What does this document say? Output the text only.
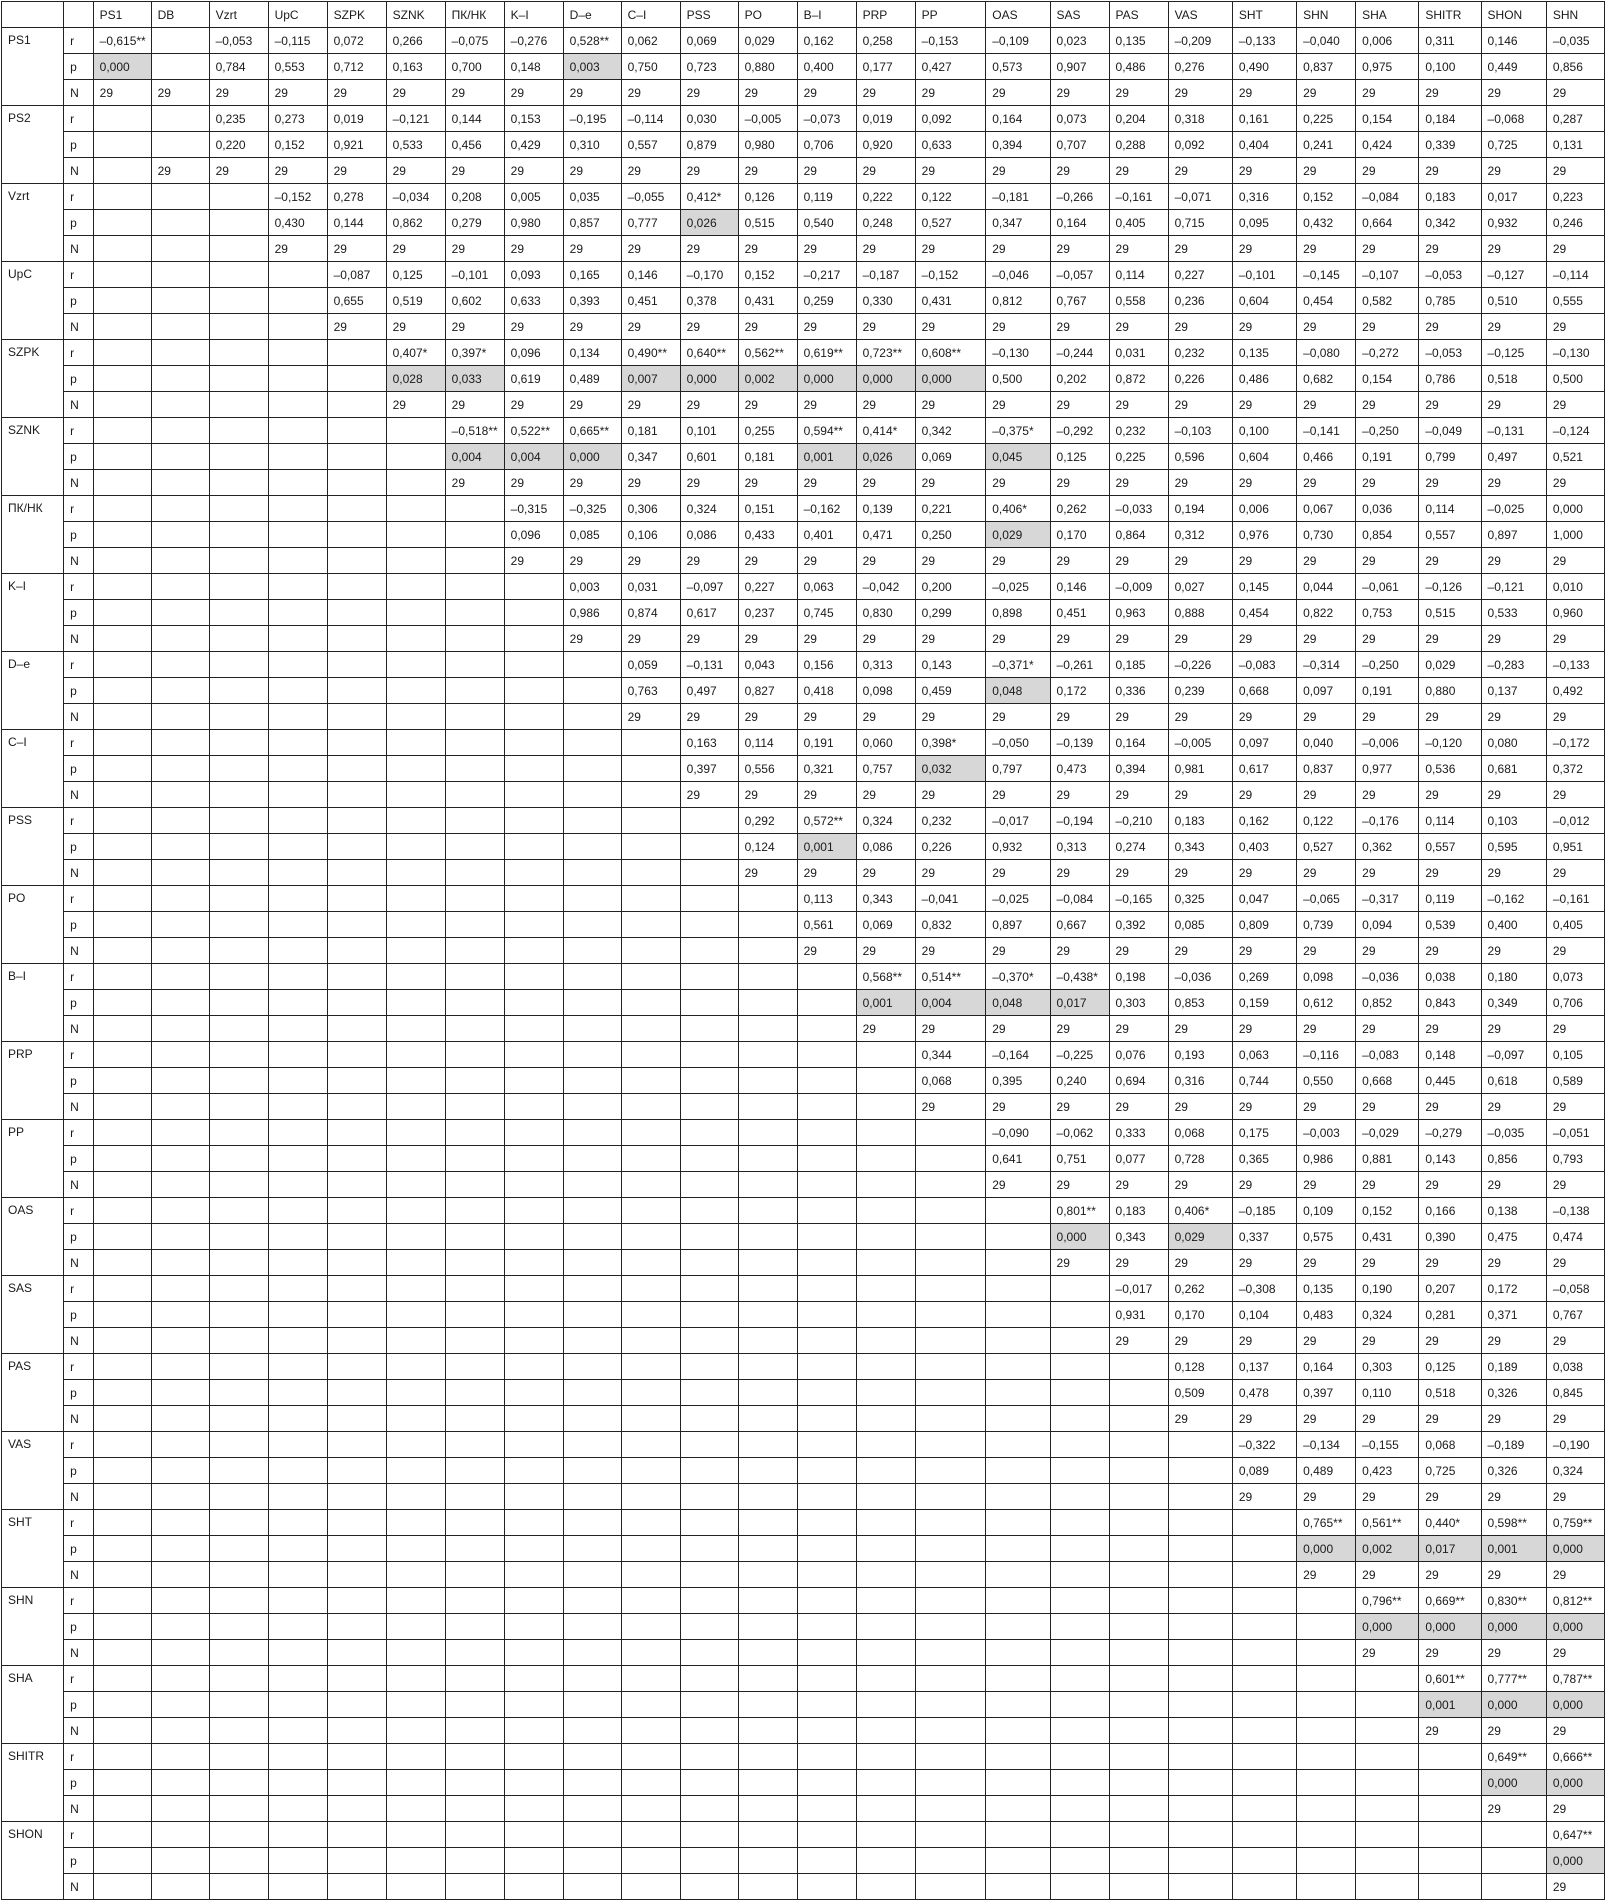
		PS1	DB	Vzrt	UpC	SZPK	SZNK	ПК/НК	K–I	D–e	C–I	PSS	PO	B–I	PRP	PP	OAS	SAS	PAS	VAS	SHT	SHN	SHA	SHITR	SHON	SHN
PS1	r	–0,615**		–0,053	–0,115	0,072	0,266	–0,075	–0,276	0,528**	0,062	0,069	0,029	0,162	0,258	–0,153	–0,109	0,023	0,135	–0,209	–0,133	–0,040	0,006	0,311	0,146	–0,035
	p	0,000		0,784	0,553	0,712	0,163	0,700	0,148	0,003	0,750	0,723	0,880	0,400	0,177	0,427	0,573	0,907	0,486	0,276	0,490	0,837	0,975	0,100	0,449	0,856
	N	29	29	29	29	29	29	29	29	29	29	29	29	29	29	29	29	29	29	29	29	29	29	29	29	29
PS2	r			0,235	0,273	0,019	–0,121	0,144	0,153	–0,195	–0,114	0,030	–0,005	–0,073	0,019	0,092	0,164	0,073	0,204	0,318	0,161	0,225	0,154	0,184	–0,068	0,287
	p			0,220	0,152	0,921	0,533	0,456	0,429	0,310	0,557	0,879	0,980	0,706	0,920	0,633	0,394	0,707	0,288	0,092	0,404	0,241	0,424	0,339	0,725	0,131
	N		29	29	29	29	29	29	29	29	29	29	29	29	29	29	29	29	29	29	29	29	29	29	29	29
Vzrt	r				–0,152	0,278	–0,034	0,208	0,005	0,035	–0,055	0,412*	0,126	0,119	0,222	0,122	–0,181	–0,266	–0,161	–0,071	0,316	0,152	–0,084	0,183	0,017	0,223
	p				0,430	0,144	0,862	0,279	0,980	0,857	0,777	0,026	0,515	0,540	0,248	0,527	0,347	0,164	0,405	0,715	0,095	0,432	0,664	0,342	0,932	0,246
	N				29	29	29	29	29	29	29	29	29	29	29	29	29	29	29	29	29	29	29	29	29	29
UpC	r					–0,087	0,125	–0,101	0,093	0,165	0,146	–0,170	0,152	–0,217	–0,187	–0,152	–0,046	–0,057	0,114	0,227	–0,101	–0,145	–0,107	–0,053	–0,127	–0,114
	p					0,655	0,519	0,602	0,633	0,393	0,451	0,378	0,431	0,259	0,330	0,431	0,812	0,767	0,558	0,236	0,604	0,454	0,582	0,785	0,510	0,555
	N					29	29	29	29	29	29	29	29	29	29	29	29	29	29	29	29	29	29	29	29	29
SZPK	r						0,407*	0,397*	0,096	0,134	0,490**	0,640**	0,562**	0,619**	0,723**	0,608**	–0,130	–0,244	0,031	0,232	0,135	–0,080	–0,272	–0,053	–0,125	–0,130
	p						0,028	0,033	0,619	0,489	0,007	0,000	0,002	0,000	0,000	0,000	0,500	0,202	0,872	0,226	0,486	0,682	0,154	0,786	0,518	0,500
	N						29	29	29	29	29	29	29	29	29	29	29	29	29	29	29	29	29	29	29	29
SZNK	r							–0,518**	0,522**	0,665**	0,181	0,101	0,255	0,594**	0,414*	0,342	–0,375*	–0,292	0,232	–0,103	0,100	–0,141	–0,250	–0,049	–0,131	–0,124
	p							0,004	0,004	0,000	0,347	0,601	0,181	0,001	0,026	0,069	0,045	0,125	0,225	0,596	0,604	0,466	0,191	0,799	0,497	0,521
	N							29	29	29	29	29	29	29	29	29	29	29	29	29	29	29	29	29	29	29
ПК/НК	r								–0,315	–0,325	0,306	0,324	0,151	–0,162	0,139	0,221	0,406*	0,262	–0,033	0,194	0,006	0,067	0,036	0,114	–0,025	0,000
	p								0,096	0,085	0,106	0,086	0,433	0,401	0,471	0,250	0,029	0,170	0,864	0,312	0,976	0,730	0,854	0,557	0,897	1,000
	N								29	29	29	29	29	29	29	29	29	29	29	29	29	29	29	29	29	29
K–I	r									0,003	0,031	–0,097	0,227	0,063	–0,042	0,200	–0,025	0,146	–0,009	0,027	0,145	0,044	–0,061	–0,126	–0,121	0,010
	p									0,986	0,874	0,617	0,237	0,745	0,830	0,299	0,898	0,451	0,963	0,888	0,454	0,822	0,753	0,515	0,533	0,960
	N									29	29	29	29	29	29	29	29	29	29	29	29	29	29	29	29	29
D–e	r										0,059	–0,131	0,043	0,156	0,313	0,143	–0,371*	–0,261	0,185	–0,226	–0,083	–0,314	–0,250	0,029	–0,283	–0,133
	p										0,763	0,497	0,827	0,418	0,098	0,459	0,048	0,172	0,336	0,239	0,668	0,097	0,191	0,880	0,137	0,492
	N										29	29	29	29	29	29	29	29	29	29	29	29	29	29	29	29
C–I	r											0,163	0,114	0,191	0,060	0,398*	–0,050	–0,139	0,164	–0,005	0,097	0,040	–0,006	–0,120	0,080	–0,172
	p											0,397	0,556	0,321	0,757	0,032	0,797	0,473	0,394	0,981	0,617	0,837	0,977	0,536	0,681	0,372
	N											29	29	29	29	29	29	29	29	29	29	29	29	29	29	29
PSS	r												0,292	0,572**	0,324	0,232	–0,017	–0,194	–0,210	0,183	0,162	0,122	–0,176	0,114	0,103	–0,012
	p												0,124	0,001	0,086	0,226	0,932	0,313	0,274	0,343	0,403	0,527	0,362	0,557	0,595	0,951
	N												29	29	29	29	29	29	29	29	29	29	29	29	29	29
PO	r													0,113	0,343	–0,041	–0,025	–0,084	–0,165	0,325	0,047	–0,065	–0,317	0,119	–0,162	–0,161
	p													0,561	0,069	0,832	0,897	0,667	0,392	0,085	0,809	0,739	0,094	0,539	0,400	0,405
	N													29	29	29	29	29	29	29	29	29	29	29	29	29
B–I	r														0,568**	0,514**	–0,370*	–0,438*	0,198	–0,036	0,269	0,098	–0,036	0,038	0,180	0,073
	p														0,001	0,004	0,048	0,017	0,303	0,853	0,159	0,612	0,852	0,843	0,349	0,706
	N														29	29	29	29	29	29	29	29	29	29	29	29
PRP	r															0,344	–0,164	–0,225	0,076	0,193	0,063	–0,116	–0,083	0,148	–0,097	0,105
	p															0,068	0,395	0,240	0,694	0,316	0,744	0,550	0,668	0,445	0,618	0,589
	N															29	29	29	29	29	29	29	29	29	29	29
PP	r																–0,090	–0,062	0,333	0,068	0,175	–0,003	–0,029	–0,279	–0,035	–0,051
	p																0,641	0,751	0,077	0,728	0,365	0,986	0,881	0,143	0,856	0,793
	N																29	29	29	29	29	29	29	29	29	29
OAS	r																	0,801**	0,183	0,406*	–0,185	0,109	0,152	0,166	0,138	–0,138
	p																	0,000	0,343	0,029	0,337	0,575	0,431	0,390	0,475	0,474
	N																	29	29	29	29	29	29	29	29	29
SAS	r																		–0,017	0,262	–0,308	0,135	0,190	0,207	0,172	–0,058
	p																		0,931	0,170	0,104	0,483	0,324	0,281	0,371	0,767
	N																		29	29	29	29	29	29	29	29
PAS	r																			0,128	0,137	0,164	0,303	0,125	0,189	0,038
	p																			0,509	0,478	0,397	0,110	0,518	0,326	0,845
	N																			29	29	29	29	29	29	29
VAS	r																				–0,322	–0,134	–0,155	0,068	–0,189	–0,190
	p																				0,089	0,489	0,423	0,725	0,326	0,324
	N																				29	29	29	29	29	29
SHT	r																					0,765**	0,561**	0,440*	0,598**	0,759**
	p																					0,000	0,002	0,017	0,001	0,000
	N																					29	29	29	29	29
SHN	r																						0,796**	0,669**	0,830**	0,812**
	p																						0,000	0,000	0,000	0,000
	N																						29	29	29	29
SHA	r																							0,601**	0,777**	0,787**
	p																							0,001	0,000	0,000
	N																							29	29	29
SHITR	r																								0,649**	0,666**
	p																								0,000	0,000
	N																								29	29
SHON	r																									0,647**
	p																									0,000
	N																									29
